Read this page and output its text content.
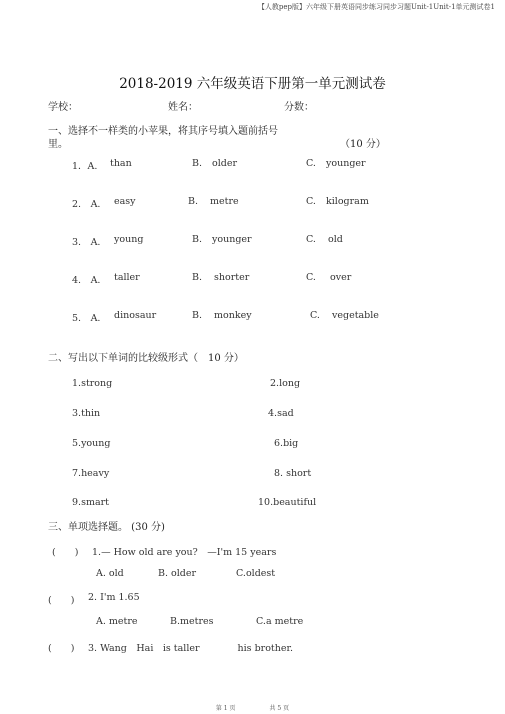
【人教pep版】六年级下册英语同步练习同步习题Unit-1Unit-1单元测试卷1
2018-2019 六年级英语下册第一单元测试卷
学校：	姓名：	分数：
一、选择不一样类的小苹果，将其序号填入题前括号
里。	（10 分）
1．A. than	B. older	C. younger
2.　A. easy	B. metre	C. kilogram
3.　A. young	B. younger	C. old
4.　A. taller	B. shorter	C. over
5.　A. dinosaur	B. monkey	C. vegetable
二、写出以下单词的比较级形式（　10 分）
1.strong	2.long
3.thin	4.sad
5.young	6.big
7.heavy	8. short
9.smart	10.beautiful
三、单项选择题。 (30 分)
(　　) 1.— How old are you?　—I'm 15 years
A. old	B. older	C.oldest
(　　) 2. I'm 1.65
A. metre	B.metres	C.a metre
(　　) 3. Wang　Hai　is taller　　　　his brother.
第 1 页	共 5 页
